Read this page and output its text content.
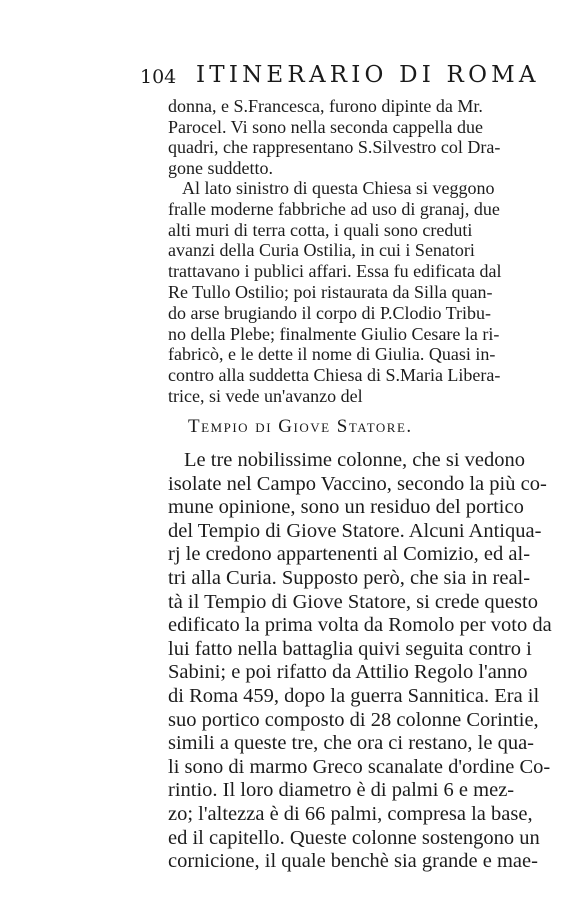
104 ITINERARIO DI ROMA
donna, e S.Francesca, furono dipinte da Mr.
Parocel. Vi sono nella seconda cappella due
quadri, che rappresentano S.Silvestro col Dra-
gone suddetto.
Al lato sinistro di questa Chiesa si veggono
fralle moderne fabbriche ad uso di granaj, due
alti muri di terra cotta, i quali sono creduti
avanzi della Curia Ostilia, in cui i Senatori
trattavano i publici affari. Essa fu edificata dal
Re Tullo Ostilio; poi ristaurata da Silla quan-
do arse brugiando il corpo di P.Clodio Tribu-
no della Plebe; finalmente Giulio Cesare la ri-
fabricò, e le dette il nome di Giulia. Quasi in-
contro alla suddetta Chiesa di S.Maria Libera-
trice, si vede un'avanzo del
Tempio di Giove Statore.
Le tre nobilissime colonne, che si vedono
isolate nel Campo Vaccino, secondo la più co-
mune opinione, sono un residuo del portico
del Tempio di Giove Statore. Alcuni Antiqua-
rj le credono appartenenti al Comizio, ed al-
tri alla Curia. Supposto però, che sia in real-
tà il Tempio di Giove Statore, si crede questo
edificato la prima volta da Romolo per voto da
lui fatto nella battaglia quivi seguita contro i
Sabini; e poi rifatto da Attilio Regolo l'anno
di Roma 459, dopo la guerra Sannitica. Era il
suo portico composto di 28 colonne Corintie,
simili a queste tre, che ora ci restano, le qua-
li sono di marmo Greco scanalate d'ordine Co-
rintio. Il loro diametro è di palmi 6 e mez-
zo; l'altezza è di 66 palmi, compresa la base,
ed il capitello. Queste colonne sostengono un
cornicione, il quale benchè sia grande e mae-
